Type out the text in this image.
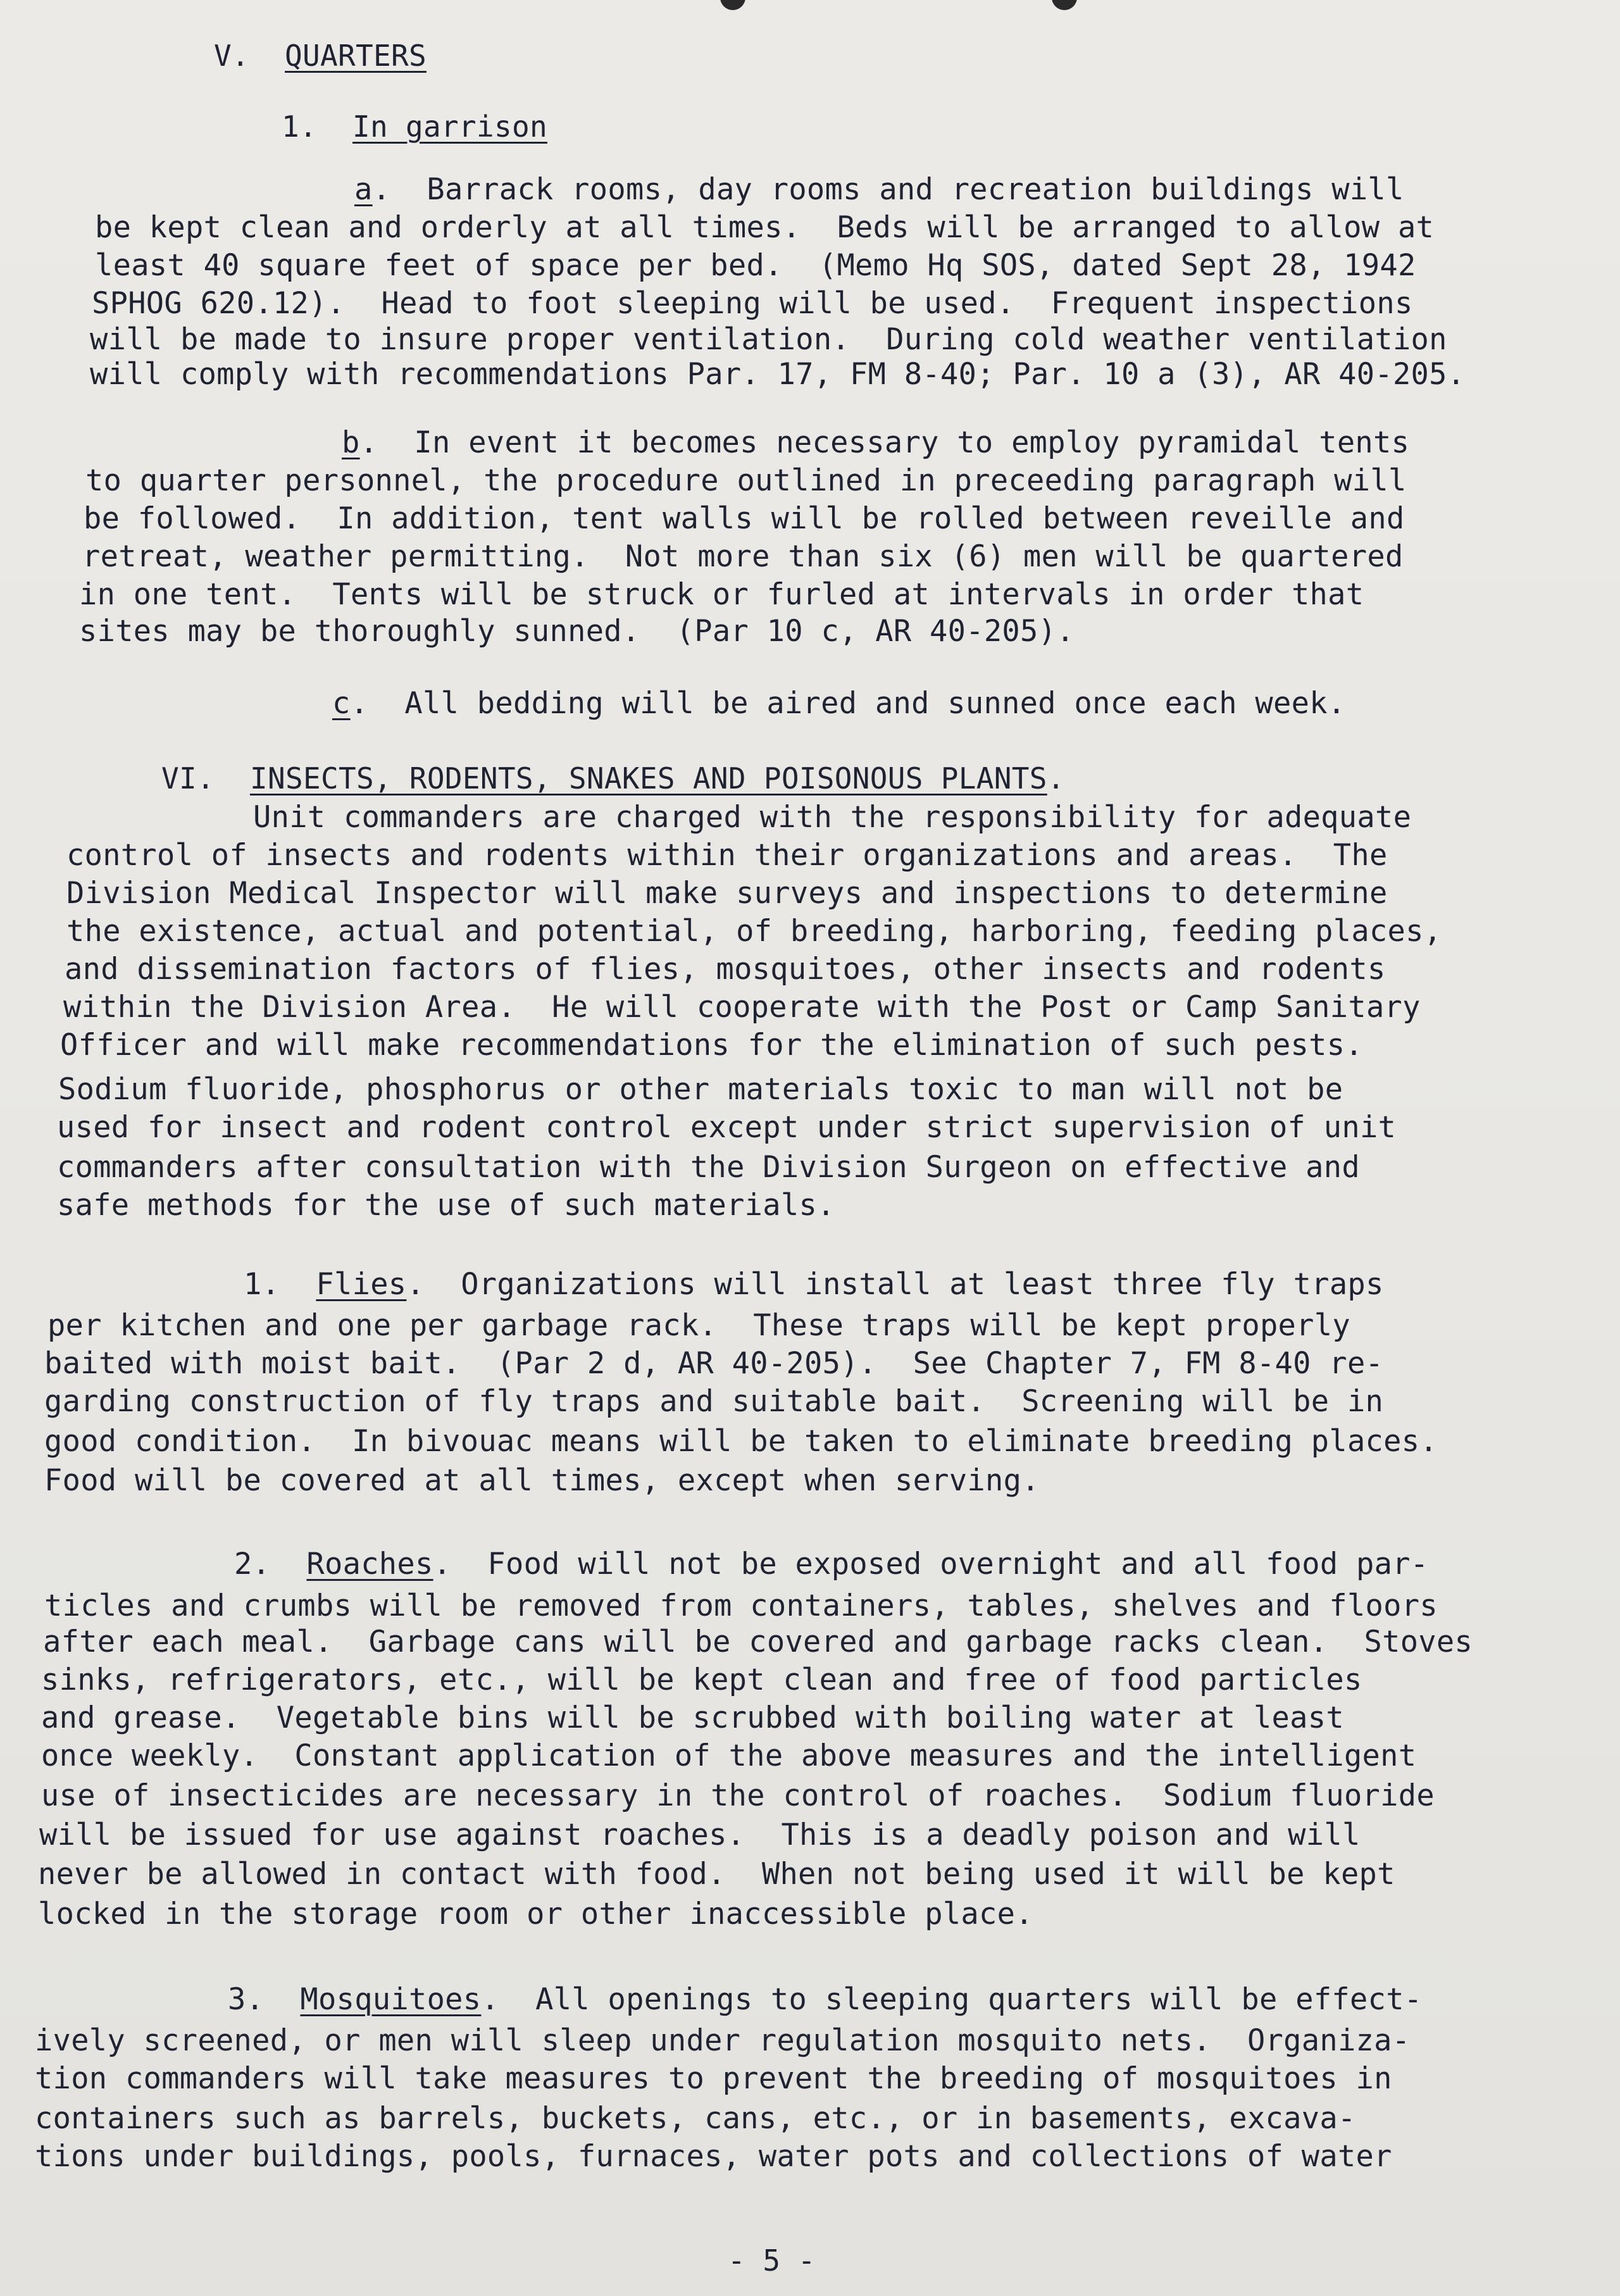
V. QUARTERS
1. In garrison
a.  Barrack rooms, day rooms and recreation buildings will
be kept clean and orderly at all times.  Beds will be arranged to allow at
least 40 square feet of space per bed.  (Memo Hq SOS, dated Sept 28, 1942
SPHOG 620.12).  Head to foot sleeping will be used.  Frequent inspections
will be made to insure proper ventilation.  During cold weather ventilation
will comply with recommendations Par. 17, FM 8-40; Par. 10 a (3), AR 40-205.
b.  In event it becomes necessary to employ pyramidal tents
to quarter personnel, the procedure outlined in preceeding paragraph will
be followed.  In addition, tent walls will be rolled between reveille and
retreat, weather permitting.  Not more than six (6) men will be quartered
in one tent.  Tents will be struck or furled at intervals in order that
sites may be thoroughly sunned.  (Par 10 c, AR 40-205).
c.  All bedding will be aired and sunned once each week.
VI. INSECTS, RODENTS, SNAKES AND POISONOUS PLANTS.
Unit commanders are charged with the responsibility for adequate
control of insects and rodents within their organizations and areas.  The
Division Medical Inspector will make surveys and inspections to determine
the existence, actual and potential, of breeding, harboring, feeding places,
and dissemination factors of flies, mosquitoes, other insects and rodents
within the Division Area.  He will cooperate with the Post or Camp Sanitary
Officer and will make recommendations for the elimination of such pests.
Sodium fluoride, phosphorus or other materials toxic to man will not be
used for insect and rodent control except under strict supervision of unit
commanders after consultation with the Division Surgeon on effective and
safe methods for the use of such materials.
1. Flies.  Organizations will install at least three fly traps
per kitchen and one per garbage rack.  These traps will be kept properly
baited with moist bait.  (Par 2 d, AR 40-205).  See Chapter 7, FM 8-40 re-
garding construction of fly traps and suitable bait.  Screening will be in
good condition.  In bivouac means will be taken to eliminate breeding places.
Food will be covered at all times, except when serving.
2. Roaches.  Food will not be exposed overnight and all food par-
ticles and crumbs will be removed from containers, tables, shelves and floors
after each meal.  Garbage cans will be covered and garbage racks clean.  Stoves
sinks, refrigerators, etc., will be kept clean and free of food particles
and grease.  Vegetable bins will be scrubbed with boiling water at least
once weekly.  Constant application of the above measures and the intelligent
use of insecticides are necessary in the control of roaches.  Sodium fluoride
will be issued for use against roaches.  This is a deadly poison and will
never be allowed in contact with food.  When not being used it will be kept
locked in the storage room or other inaccessible place.
3. Mosquitoes.  All openings to sleeping quarters will be effect-
ively screened, or men will sleep under regulation mosquito nets.  Organiza-
tion commanders will take measures to prevent the breeding of mosquitoes in
containers such as barrels, buckets, cans, etc., or in basements, excava-
tions under buildings, pools, furnaces, water pots and collections of water
- 5 -
